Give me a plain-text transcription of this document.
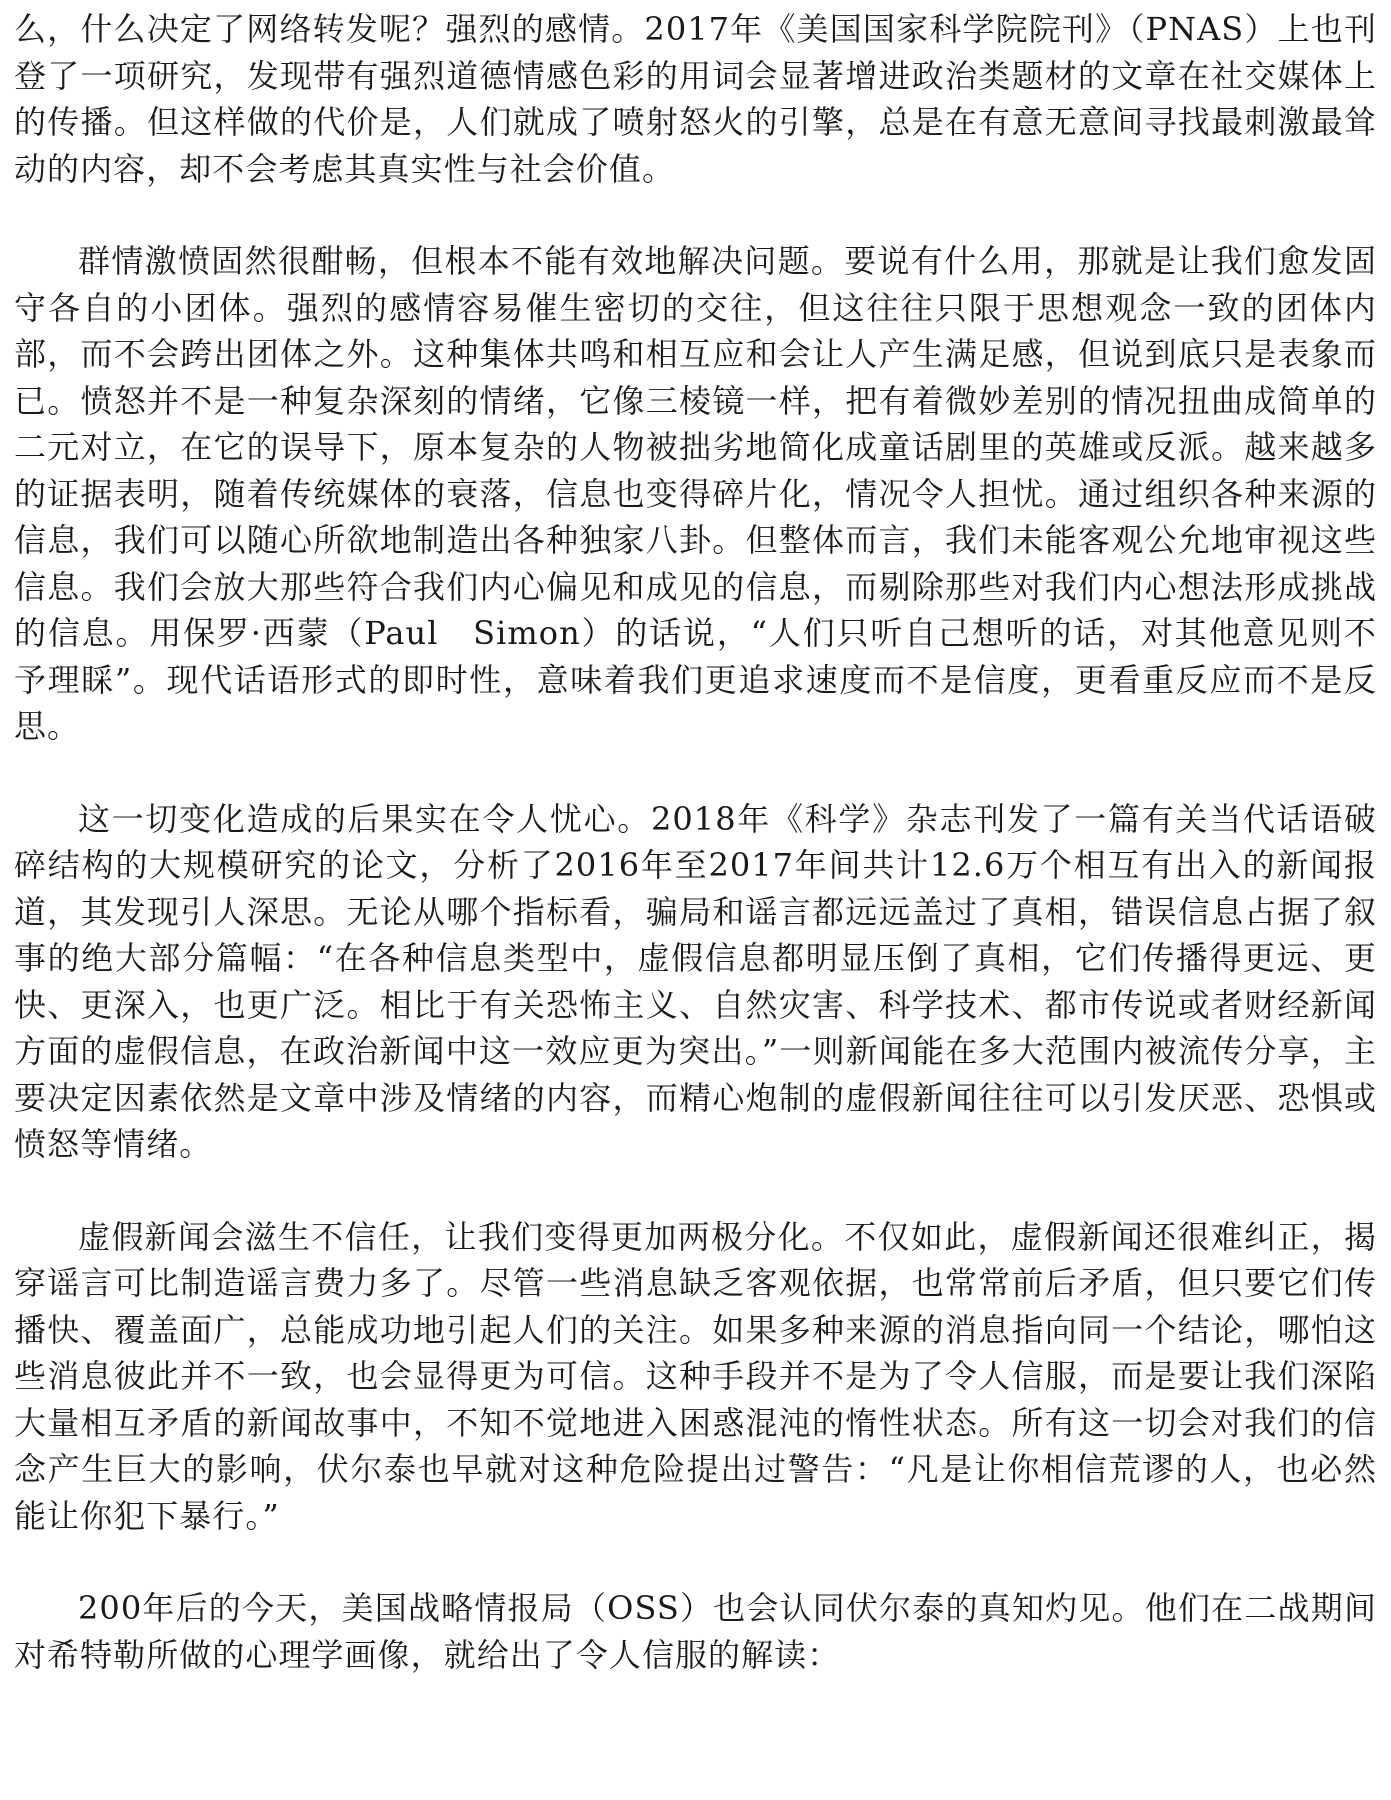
么，什么决定了网络转发呢？强烈的感情。2017年《美国国家科学院院刊》（PNAS）上也刊登了一项研究，发现带有强烈道德情感色彩的用词会显著增进政治类题材的文章在社交媒体上的传播。但这样做的代价是，人们就成了喷射怒火的引擎，总是在有意无意间寻找最刺激最耸动的内容，却不会考虑其真实性与社会价值。

群情激愤固然很酣畅，但根本不能有效地解决问题。要说有什么用，那就是让我们愈发固守各自的小团体。强烈的感情容易催生密切的交往，但这往往只限于思想观念一致的团体内部，而不会跨出团体之外。这种集体共鸣和相互应和会让人产生满足感，但说到底只是表象而已。愤怒并不是一种复杂深刻的情绪，它像三棱镜一样，把有着微妙差别的情况扭曲成简单的二元对立，在它的误导下，原本复杂的人物被拙劣地简化成童话剧里的英雄或反派。越来越多的证据表明，随着传统媒体的衰落，信息也变得碎片化，情况令人担忧。通过组织各种来源的信息，我们可以随心所欲地制造出各种独家八卦。但整体而言，我们未能客观公允地审视这些信息。我们会放大那些符合我们内心偏见和成见的信息，而剔除那些对我们内心想法形成挑战的信息。用保罗·西蒙（Paul　Simon）的话说，“人们只听自己想听的话，对其他意见则不予理睬”。现代话语形式的即时性，意味着我们更追求速度而不是信度，更看重反应而不是反思。

这一切变化造成的后果实在令人忧心。2018年《科学》杂志刊发了一篇有关当代话语破碎结构的大规模研究的论文，分析了2016年至2017年间共计12.6万个相互有出入的新闻报道，其发现引人深思。无论从哪个指标看，骗局和谣言都远远盖过了真相，错误信息占据了叙事的绝大部分篇幅：“在各种信息类型中，虚假信息都明显压倒了真相，它们传播得更远、更快、更深入，也更广泛。相比于有关恐怖主义、自然灾害、科学技术、都市传说或者财经新闻方面的虚假信息，在政治新闻中这一效应更为突出。”一则新闻能在多大范围内被流传分享，主要决定因素依然是文章中涉及情绪的内容，而精心炮制的虚假新闻往往可以引发厌恶、恐惧或愤怒等情绪。

虚假新闻会滋生不信任，让我们变得更加两极分化。不仅如此，虚假新闻还很难纠正，揭穿谣言可比制造谣言费力多了。尽管一些消息缺乏客观依据，也常常前后矛盾，但只要它们传播快、覆盖面广，总能成功地引起人们的关注。如果多种来源的消息指向同一个结论，哪怕这些消息彼此并不一致，也会显得更为可信。这种手段并不是为了令人信服，而是要让我们深陷大量相互矛盾的新闻故事中，不知不觉地进入困惑混沌的惰性状态。所有这一切会对我们的信念产生巨大的影响，伏尔泰也早就对这种危险提出过警告：“凡是让你相信荒谬的人，也必然能让你犯下暴行。”

200年后的今天，美国战略情报局（OSS）也会认同伏尔泰的真知灼见。他们在二战期间对希特勒所做的心理学画像，就给出了令人信服的解读：
